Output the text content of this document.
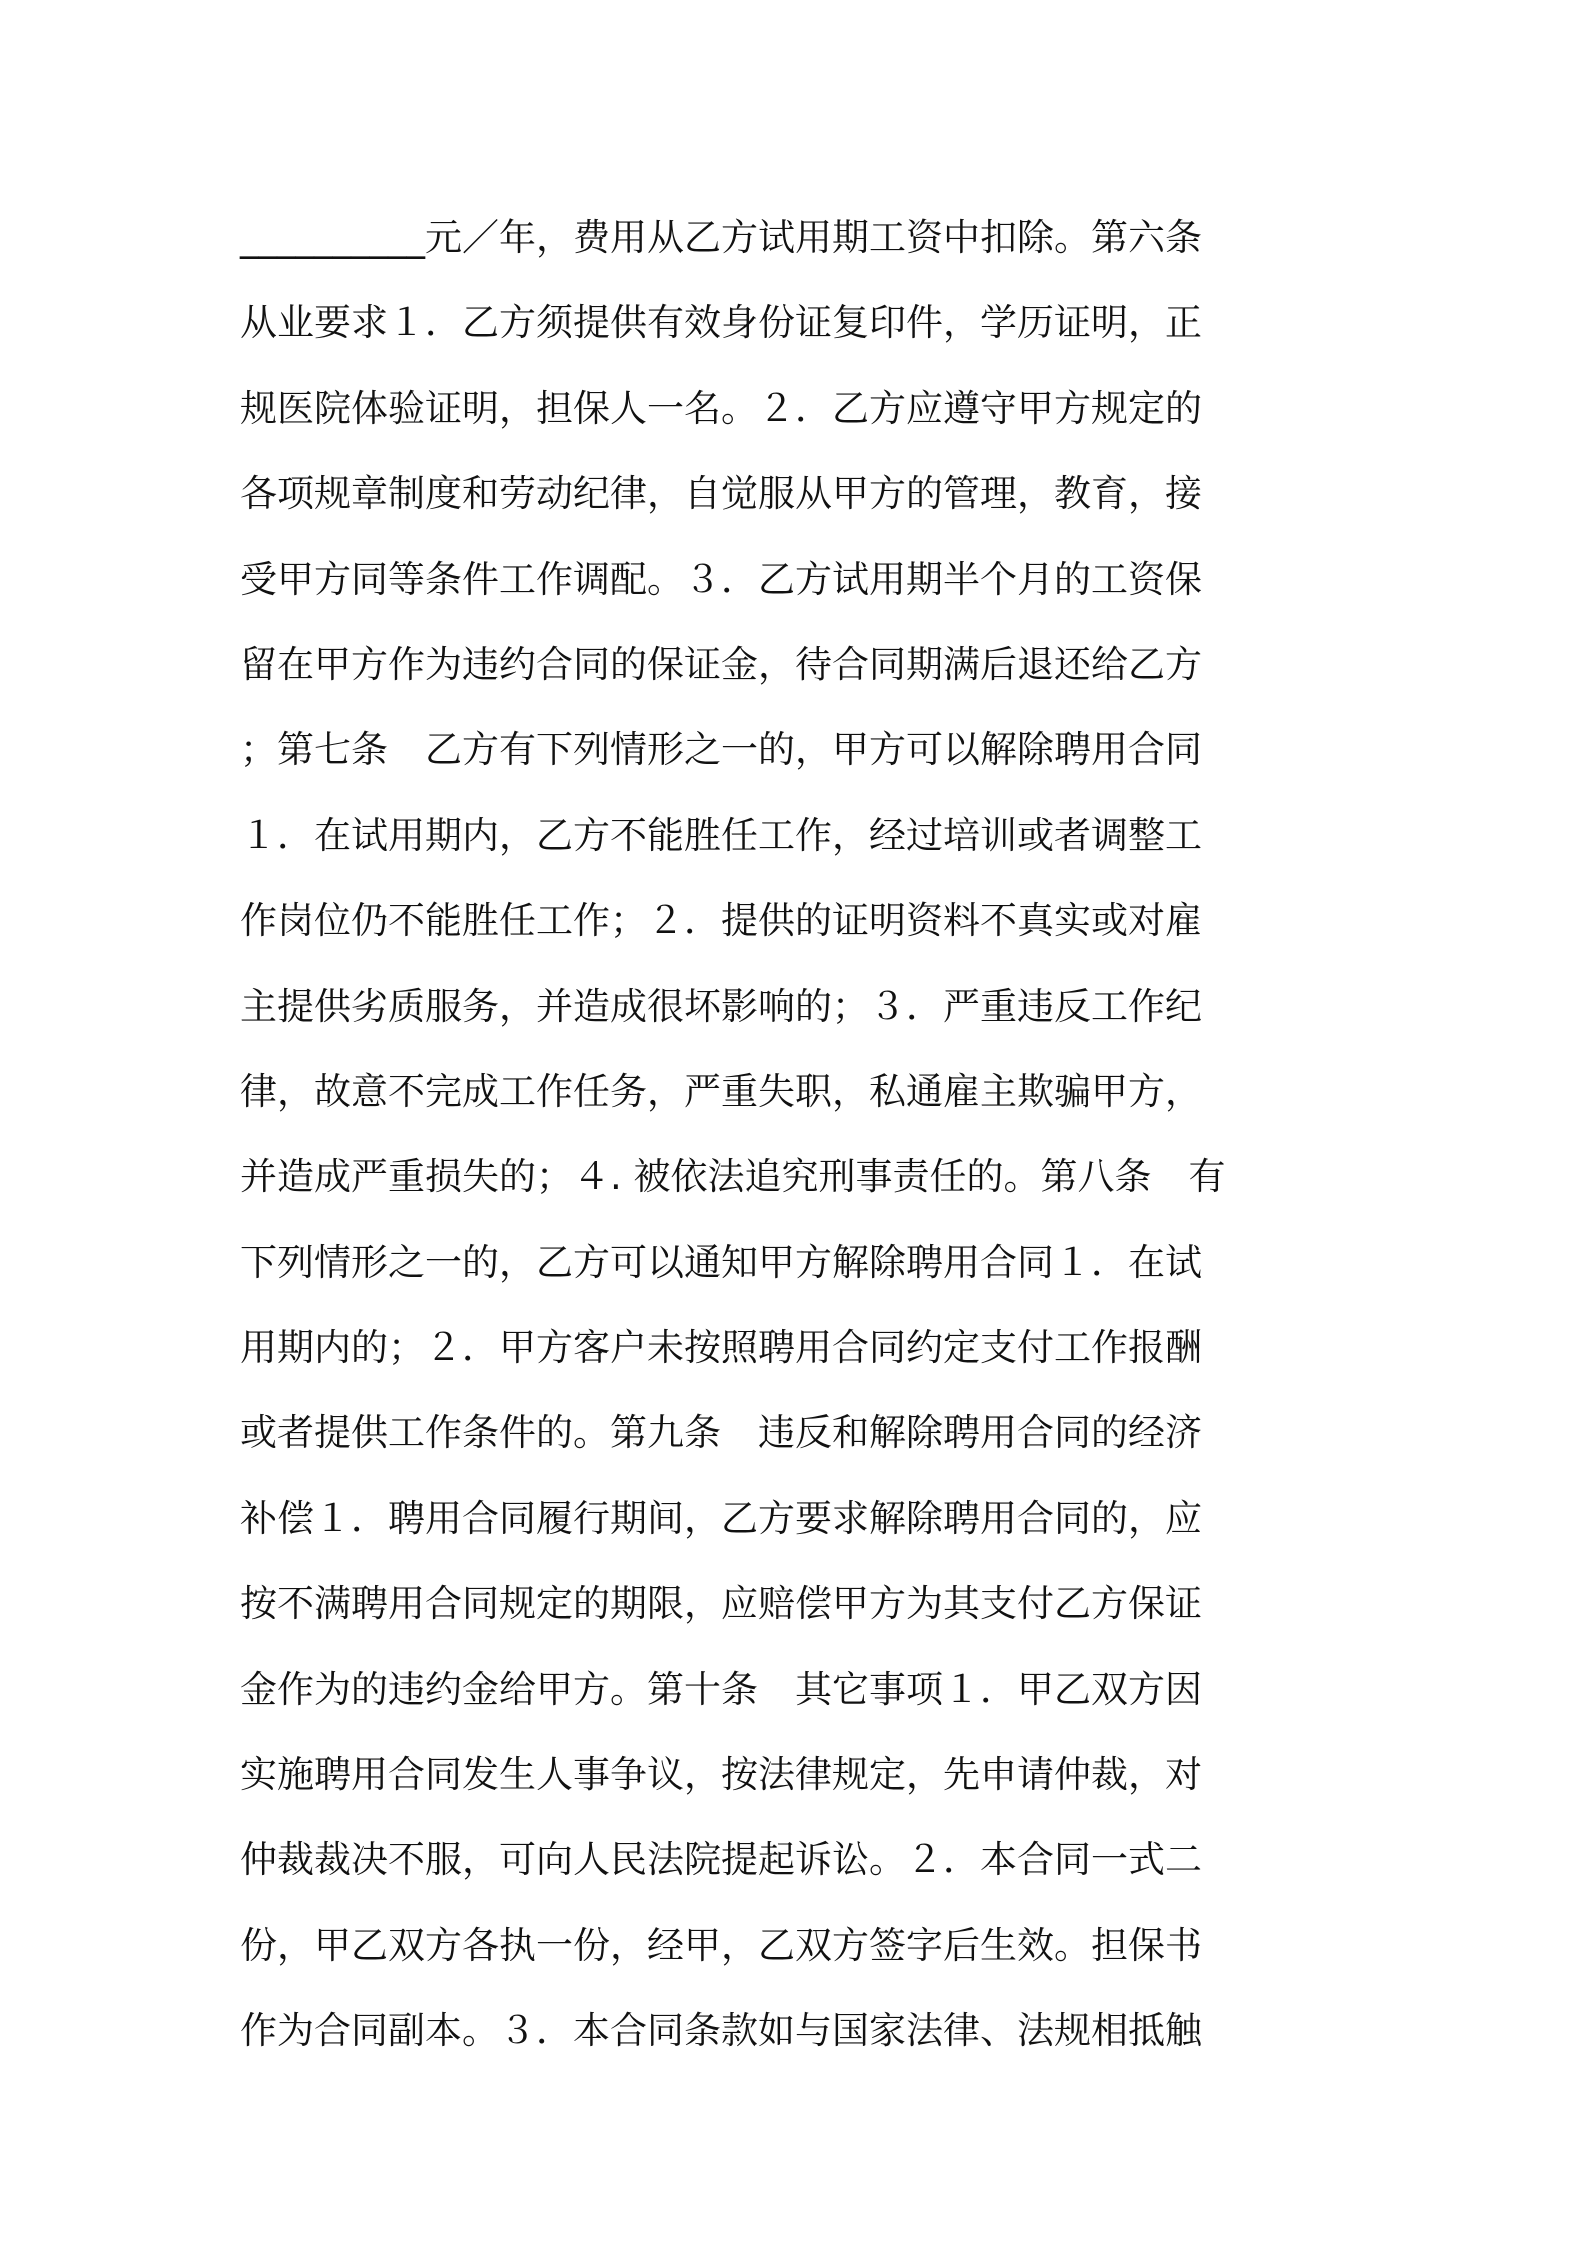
__________元／年，费用从乙方试用期工资中扣除。第六条
从业要求１．乙方须提供有效身份证复印件，学历证明，正
规医院体验证明，担保人一名。２．乙方应遵守甲方规定的
各项规章制度和劳动纪律，自觉服从甲方的管理，教育，接
受甲方同等条件工作调配。３．乙方试用期半个月的工资保
留在甲方作为违约合同的保证金，待合同期满后退还给乙方
；第七条　乙方有下列情形之一的，甲方可以解除聘用合同
１．在试用期内，乙方不能胜任工作，经过培训或者调整工
作岗位仍不能胜任工作；２．提供的证明资料不真实或对雇
主提供劣质服务，并造成很坏影响的；３．严重违反工作纪
律，故意不完成工作任务，严重失职，私通雇主欺骗甲方，
并造成严重损失的；４. 被依法追究刑事责任的。第八条　有
下列情形之一的，乙方可以通知甲方解除聘用合同１．在试
用期内的；２．甲方客户未按照聘用合同约定支付工作报酬
或者提供工作条件的。第九条　违反和解除聘用合同的经济
补偿１．聘用合同履行期间，乙方要求解除聘用合同的，应
按不满聘用合同规定的期限，应赔偿甲方为其支付乙方保证
金作为的违约金给甲方。第十条　其它事项１．甲乙双方因
实施聘用合同发生人事争议，按法律规定，先申请仲裁，对
仲裁裁决不服，可向人民法院提起诉讼。２．本合同一式二
份，甲乙双方各执一份，经甲，乙双方签字后生效。担保书
作为合同副本。３．本合同条款如与国家法律、法规相抵触
